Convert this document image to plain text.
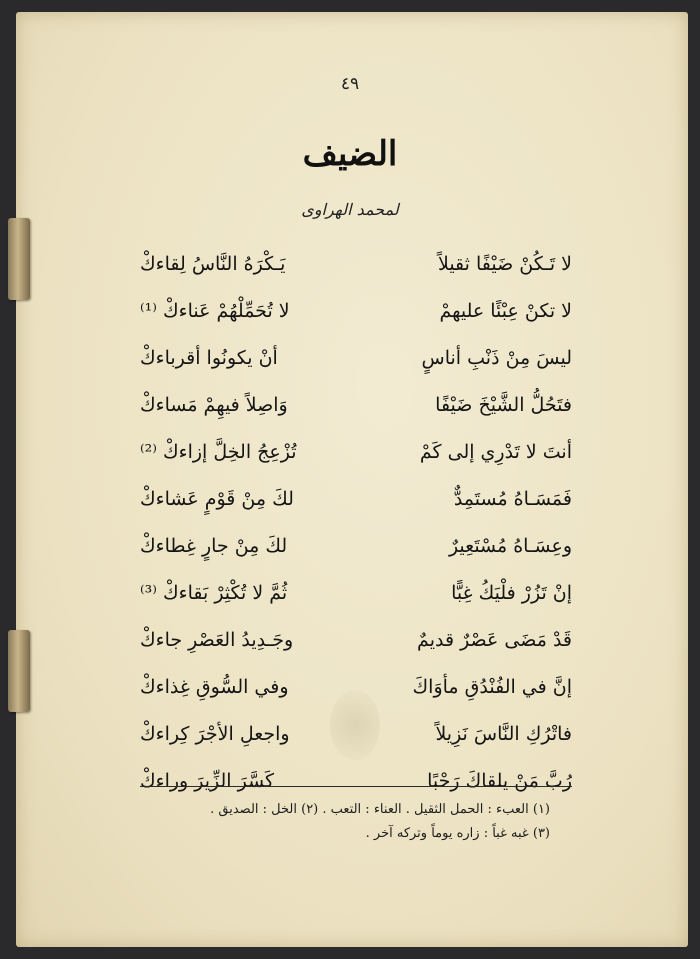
٤٩
الضيف
لمحمد الهراوى
لا تَـكُنْ ضَيْفًا ثقيلاً
يَـكْرَهُ النَّاسُ لِقاءكْ
لا تكنْ عِبْئًا عليهمْ
لا تُحَمِّلْهُمْ عَناءكْ ⁽¹⁾
ليسَ مِنْ ذَنْبِ أناسٍ
أنْ يكونُوا أقرباءكْ
فتَحُلُّ الشَّيْخَ ضَيْفًا
وَاصِلاً فيهِمْ مَساءكْ
أنتَ لا تَدْرِي إلى كَمْ
تُزْعِجُ الخِلَّ إزاءكْ ⁽²⁾
فَمَسَـاهُ مُستَمِدٌّ
لكَ مِنْ قَوْمٍ عَشاءكْ
وعِسَـاهُ مُسْتَعِيرٌ
لكَ مِنْ جارٍ غِطاءكْ
إنْ تَزُرْ فلْيَكُ غِبًّا
ثُمَّ لا تُكْثِرْ بَقاءكْ ⁽³⁾
قَدْ مَضَى عَصْرٌ قديمٌ
وجَـدِيدُ العَصْرِ جاءكْ
إنَّ في الفُنْدُقِ مأوَاكَ
وفي السُّوقِ غِذاءكْ
فاتْرُكِ النَّاسَ نَزِيلاً
واجعلِ الأجْرَ كِراءكْ
رُبَّ مَنْ يلقاكَ رَحْبًا
كَسَّرَ الزِّيرَ وراءكْ
(١) العبء : الحمل الثقيل . العناء : التعب . (٢) الخل : الصديق .
(٣) غبه غباً : زاره يوماً وتركه آخر .
